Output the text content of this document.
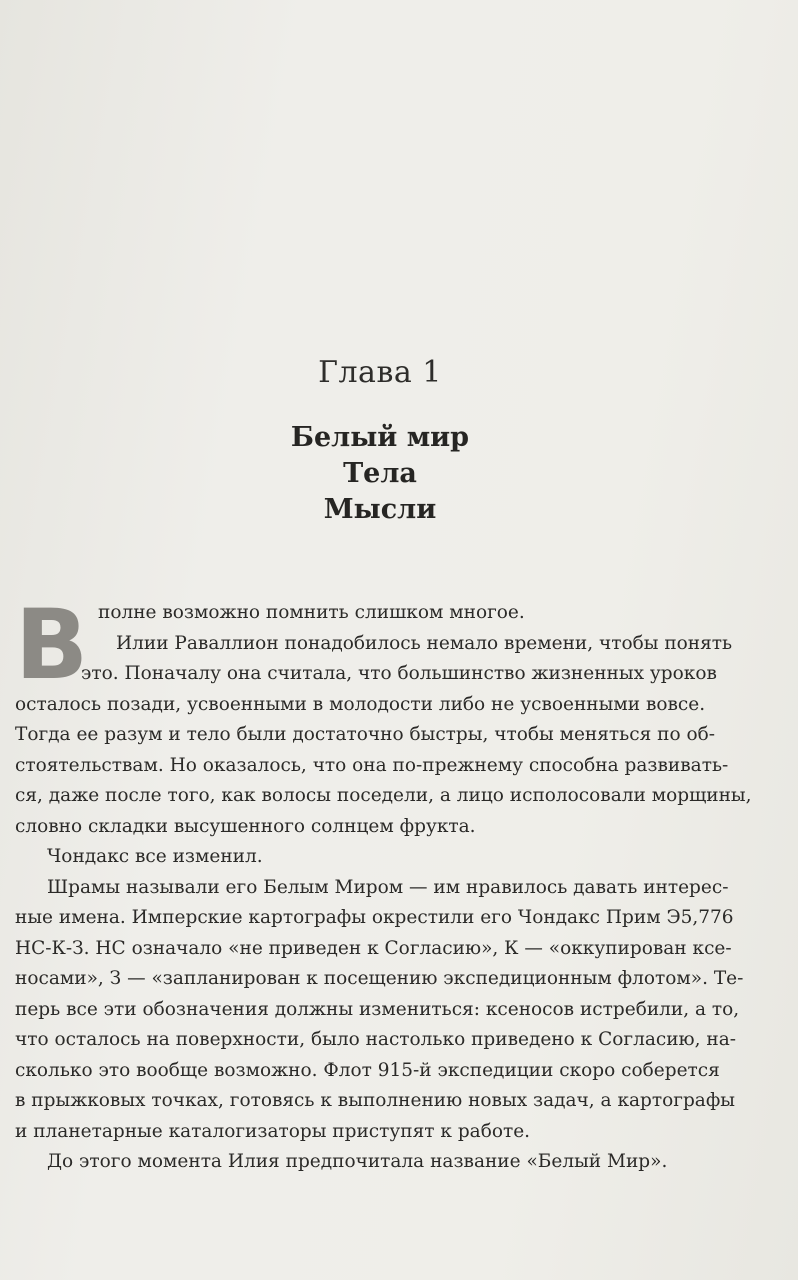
Глава 1
Белый мир
Тела
Мысли
В полне возможно помнить слишком многое.
Илии Раваллион понадобилось немало времени, чтобы понять
это. Поначалу она считала, что большинство жизненных уроков
осталось позади, усвоенными в молодости либо не усвоенными вовсе.
Тогда ее разум и тело были достаточно быстры, чтобы меняться по об-
стоятельствам. Но оказалось, что она по-прежнему способна развивать-
ся, даже после того, как волосы поседели, а лицо исполосовали морщины,
словно складки высушенного солнцем фрукта.
Чондакс все изменил.
Шрамы называли его Белым Миром — им нравилось давать интерес-
ные имена. Имперские картографы окрестили его Чондакс Прим Э5,776
НС-К-З. НС означало «не приведен к Согласию», К — «оккупирован ксе-
носами», З — «запланирован к посещению экспедиционным флотом». Те-
перь все эти обозначения должны измениться: ксеносов истребили, а то,
что осталось на поверхности, было настолько приведено к Согласию, на-
сколько это вообще возможно. Флот 915-й экспедиции скоро соберется
в прыжковых точках, готовясь к выполнению новых задач, а картографы
и планетарные каталогизаторы приступят к работе.
До этого момента Илия предпочитала название «Белый Мир».
